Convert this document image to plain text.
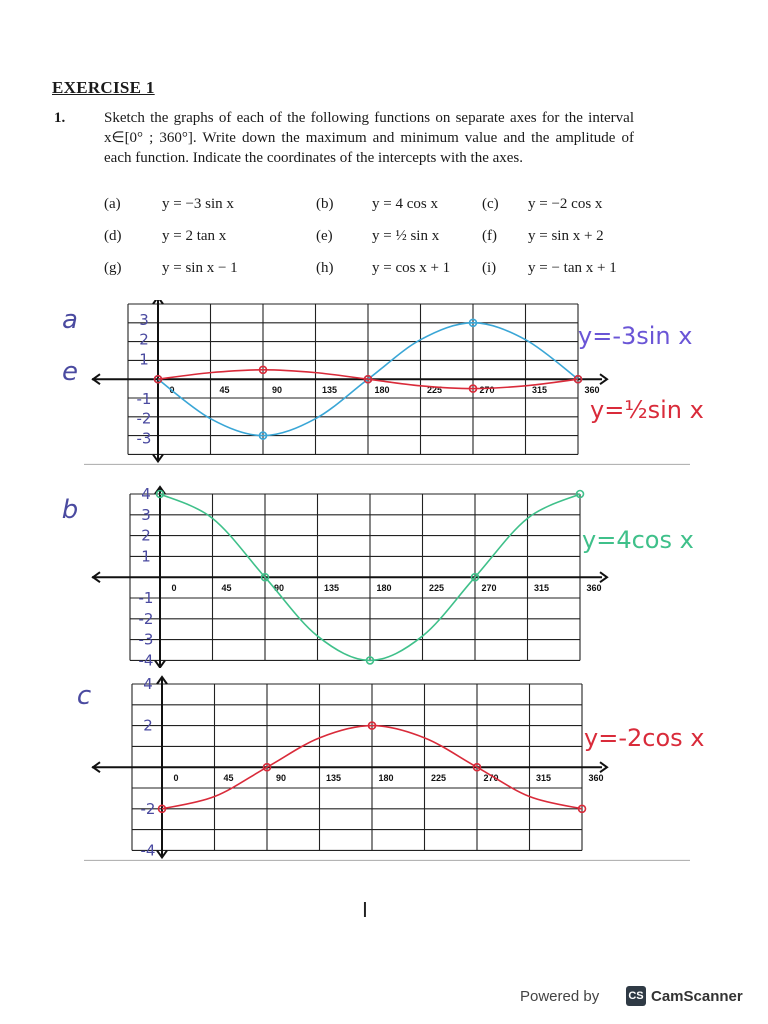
EXERCISE 1
1.	Sketch the graphs of each of the following functions on separate axes for the interval x∈[0° ; 360°]. Write down the maximum and minimum value and the amplitude of each function. Indicate the coordinates of the intercepts with the axes.

(a)	y = −3 sin x	(b)	y = 4 cos x	(c) y = −2 cos x
(d)	y = 2 tan x	(e)	y = ½ sin x	(f) y = sin x + 2
(g)	y = sin x − 1	(h)	y = cos x + 1 (i) y = − tan x + 1
0	45	90	135	180	225	270	315	360
3
2
1
-1
-2
-3
a
e
y=-3sin x
y=½sin x
0	45	90	135	180	225	270	315	360
4
3
2
1
-1
-2
-3
-4
b
y=4cos x
0	45	90	135	180	225	270	315	360
4
2
-2
-4
c
y=-2cos x
I
Powered by	CS CamScanner
